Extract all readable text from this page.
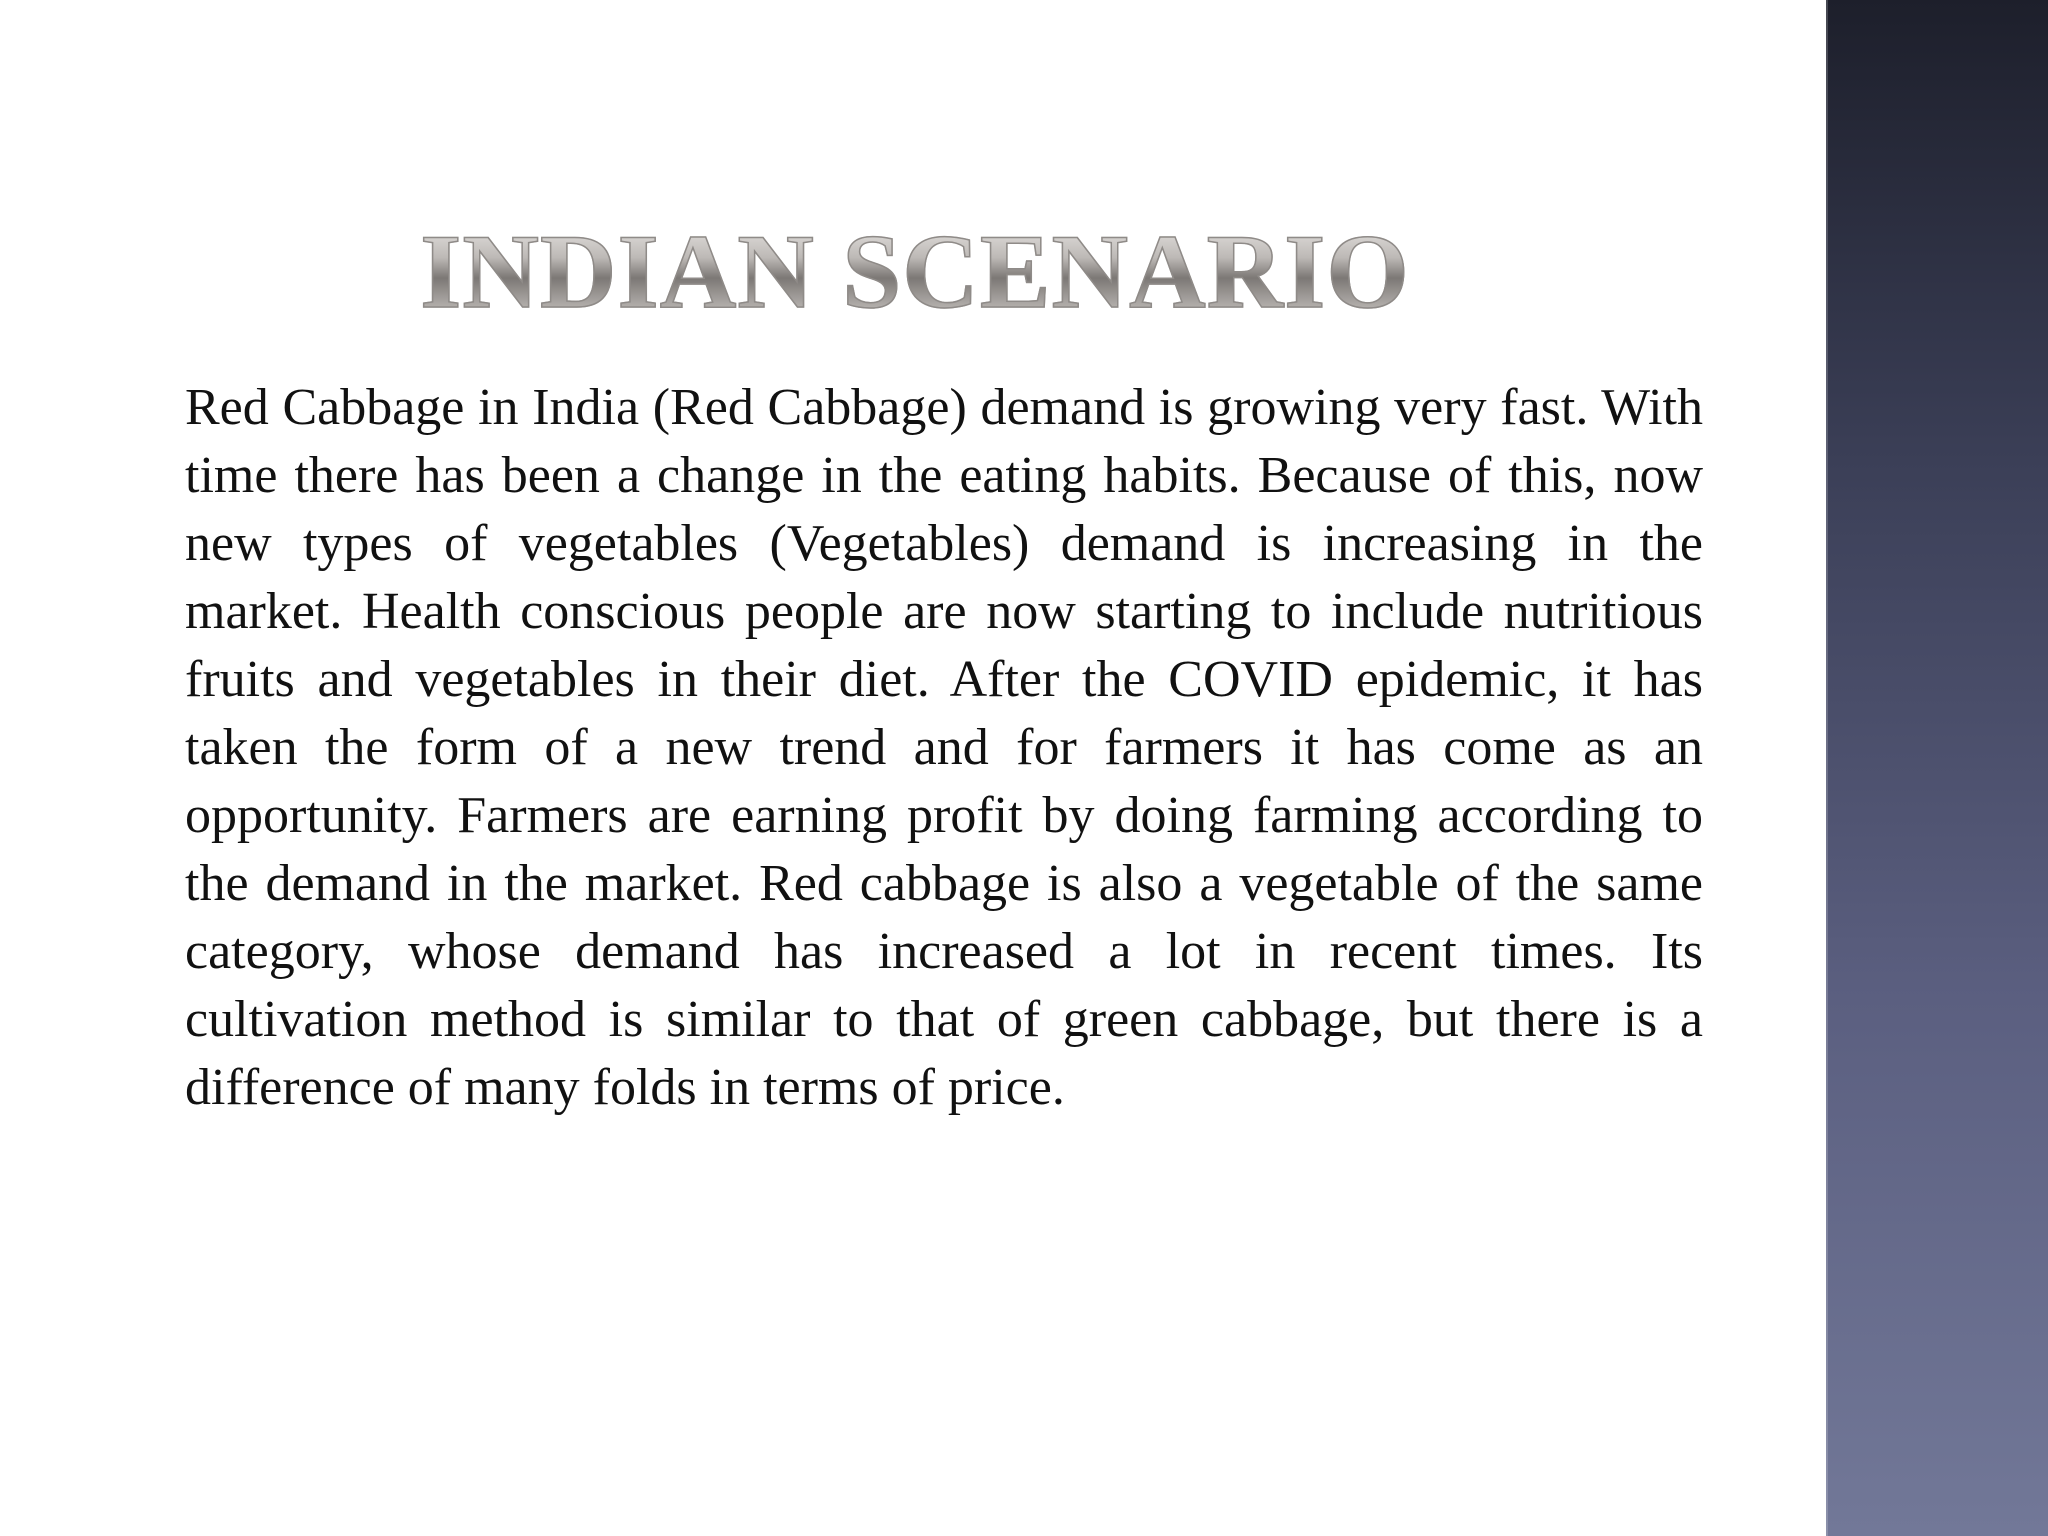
INDIAN SCENARIO

Red Cabbage in India (Red Cabbage) demand is growing very fast. With time there has been a change in the eating habits. Because of this, now new types of vegetables (Vegetables) demand is increasing in the market. Health conscious people are now starting to include nutritious fruits and vegetables in their diet. After the COVID epidemic, it has taken the form of a new trend and for farmers it has come as an opportunity. Farmers are earning profit by doing farming according to the demand in the market. Red cabbage is also a vegetable of the same category, whose demand has increased a lot in recent times. Its cultivation method is similar to that of green cabbage, but there is a difference of many folds in terms of price.
